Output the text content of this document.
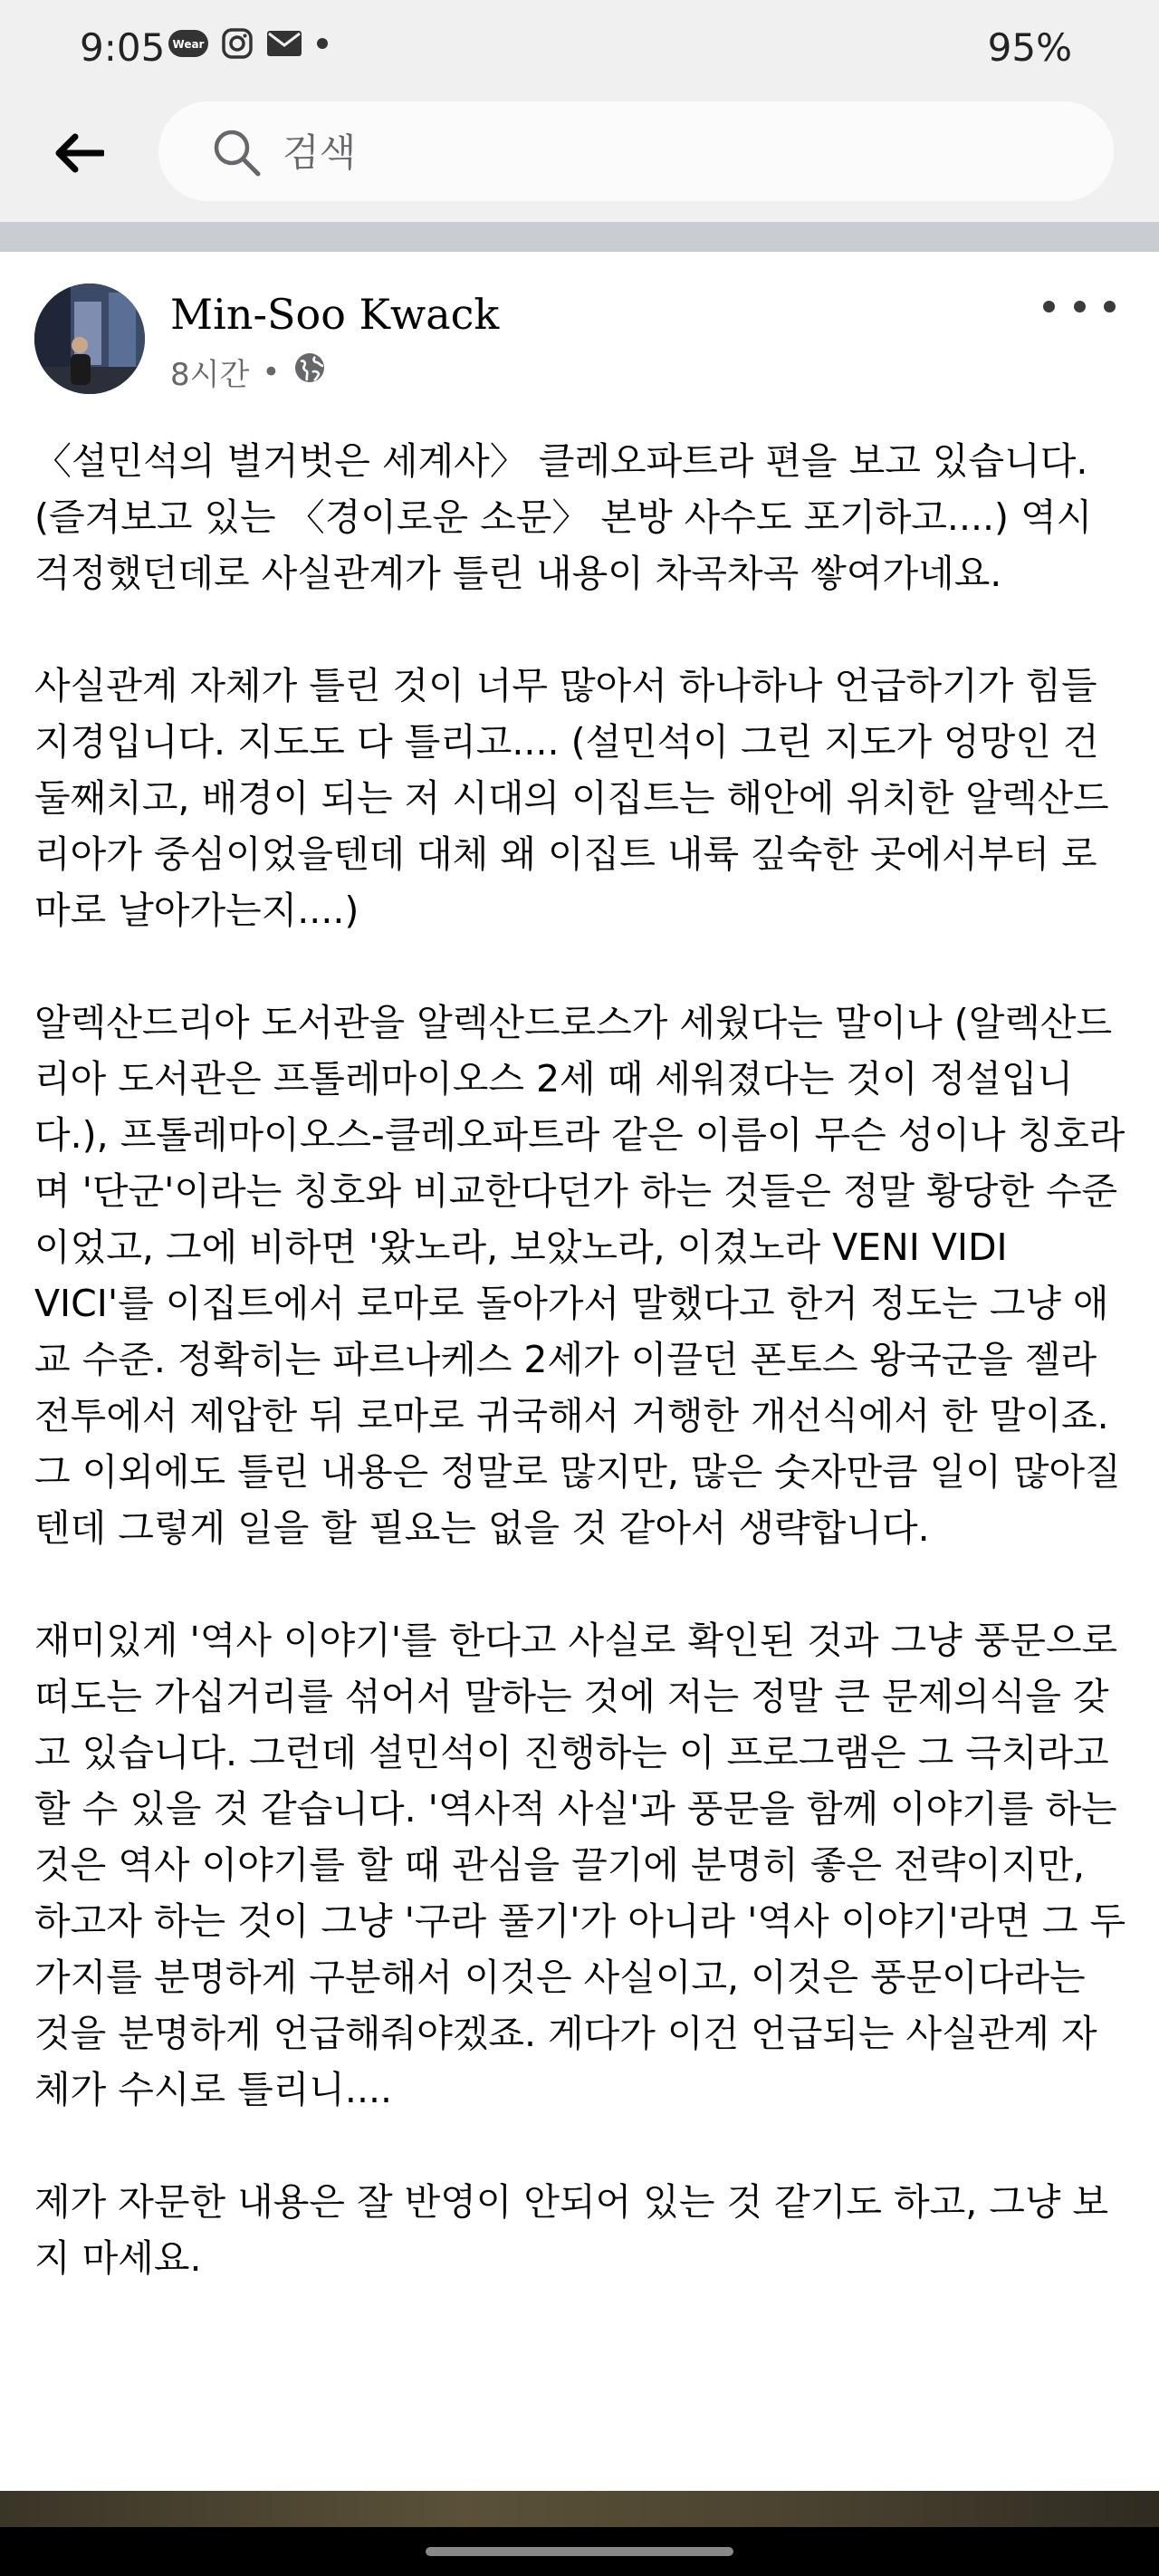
9:05 Wear	95%
검색
Min-Soo Kwack
8시간 •

〈설민석의 벌거벗은 세계사〉 클레오파트라 편을 보고 있습니다. (즐겨보고 있는 〈경이로운 소문〉 본방 사수도 포기하고....) 역시 걱정했던데로 사실관계가 틀린 내용이 차곡차곡 쌓여가네요.

사실관계 자체가 틀린 것이 너무 많아서 하나하나 언급하기가 힘들 지경입니다. 지도도 다 틀리고.... (설민석이 그린 지도가 엉망인 건 둘째치고, 배경이 되는 저 시대의 이집트는 해안에 위치한 알렉산드리아가 중심이었을텐데 대체 왜 이집트 내륙 깊숙한 곳에서부터 로마로 날아가는지....)

알렉산드리아 도서관을 알렉산드로스가 세웠다는 말이나 (알렉산드리아 도서관은 프톨레마이오스 2세 때 세워졌다는 것이 정설입니다.), 프톨레마이오스-클레오파트라 같은 이름이 무슨 성이나 칭호라며 '단군'이라는 칭호와 비교한다던가 하는 것들은 정말 황당한 수준이었고, 그에 비하면 '왔노라, 보았노라, 이겼노라 VENI VIDI VICI'를 이집트에서 로마로 돌아가서 말했다고 한거 정도는 그냥 애교 수준. 정확히는 파르나케스 2세가 이끌던 폰토스 왕국군을 젤라 전투에서 제압한 뒤 로마로 귀국해서 거행한 개선식에서 한 말이죠. 그 이외에도 틀린 내용은 정말로 많지만, 많은 숫자만큼 일이 많아질텐데 그렇게 일을 할 필요는 없을 것 같아서 생략합니다.

재미있게 '역사 이야기'를 한다고 사실로 확인된 것과 그냥 풍문으로 떠도는 가십거리를 섞어서 말하는 것에 저는 정말 큰 문제의식을 갖고 있습니다. 그런데 설민석이 진행하는 이 프로그램은 그 극치라고 할 수 있을 것 같습니다. '역사적 사실'과 풍문을 함께 이야기를 하는 것은 역사 이야기를 할 때 관심을 끌기에 분명히 좋은 전략이지만, 하고자 하는 것이 그냥 '구라 풀기'가 아니라 '역사 이야기'라면 그 두 가지를 분명하게 구분해서 이것은 사실이고, 이것은 풍문이다라는 것을 분명하게 언급해줘야겠죠. 게다가 이건 언급되는 사실관계 자체가 수시로 틀리니....

제가 자문한 내용은 잘 반영이 안되어 있는 것 같기도 하고, 그냥 보지 마세요.
